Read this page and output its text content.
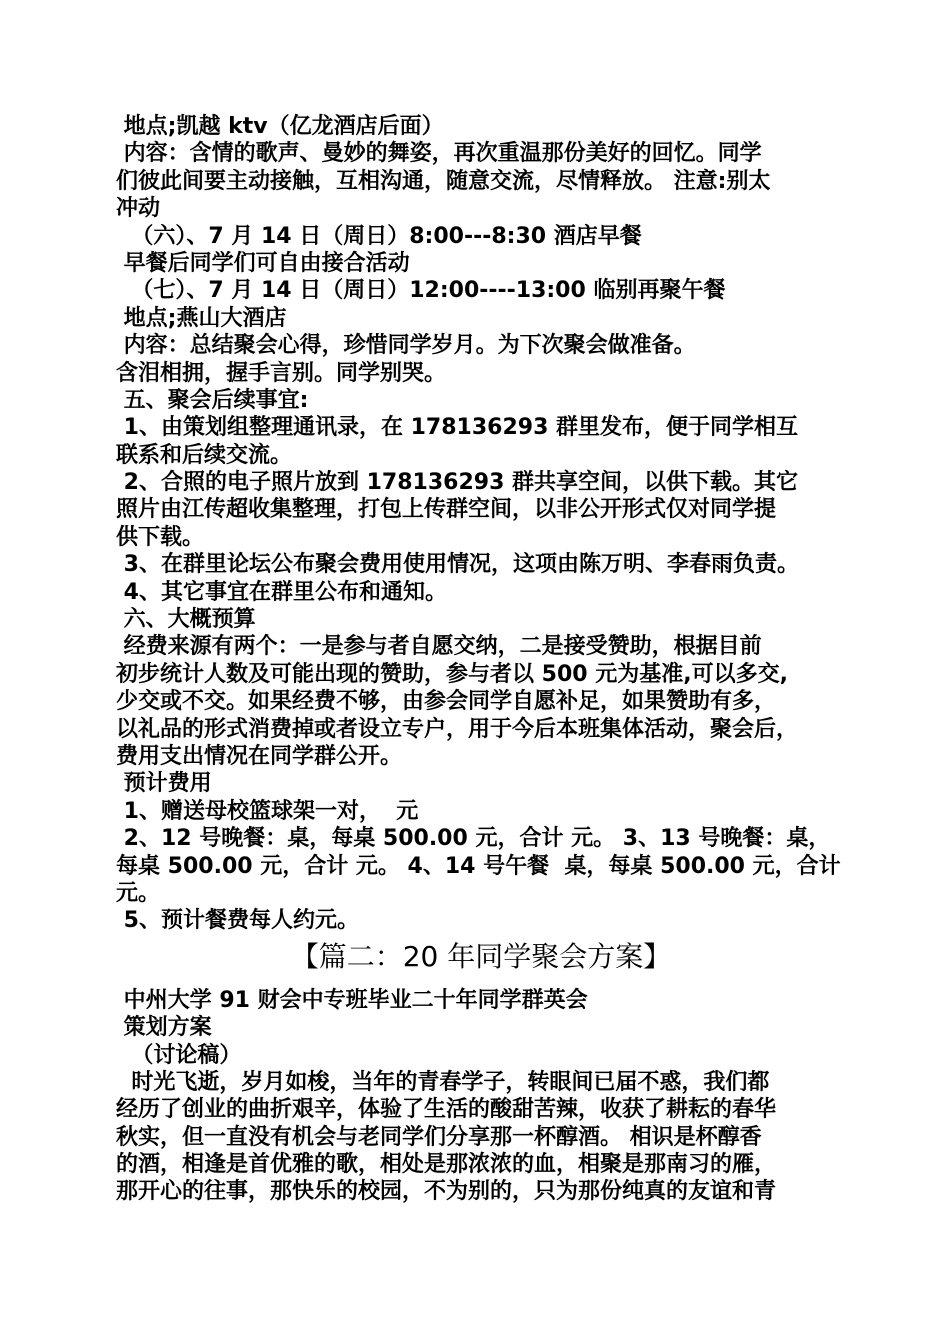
地点;凯越 ktv（亿龙酒店后面）
内容：含情的歌声、曼妙的舞姿，再次重温那份美好的回忆。同学
们彼此间要主动接触，互相沟通，随意交流，尽情释放。 注意:别太
冲动
（六）、7 月 14 日（周日）8:00---8:30 酒店早餐
早餐后同学们可自由接合活动
（七）、7 月 14 日（周日）12:00----13:00 临别再聚午餐
地点;燕山大酒店
内容：总结聚会心得，珍惜同学岁月。为下次聚会做准备。
含泪相拥，握手言别。同学别哭。
五、聚会后续事宜:
1、由策划组整理通讯录，在 178136293 群里发布，便于同学相互
联系和后续交流。
2、合照的电子照片放到 178136293 群共享空间，以供下载。其它
照片由江传超收集整理，打包上传群空间，以非公开形式仅对同学提
供下载。
3、在群里论坛公布聚会费用使用情况，这项由陈万明、李春雨负责。
4、其它事宜在群里公布和通知。
六、大概预算
经费来源有两个：一是参与者自愿交纳，二是接受赞助，根据目前
初步统计人数及可能出现的赞助，参与者以 500 元为基准,可以多交,
少交或不交。如果经费不够，由参会同学自愿补足，如果赞助有多，
以礼品的形式消费掉或者设立专户，用于今后本班集体活动，聚会后，
费用支出情况在同学群公开。
预计费用
1、赠送母校篮球架一对，  元
2、12 号晚餐：桌，每桌 500.00 元，合计 元。 3、13 号晚餐：桌，
每桌 500.00 元，合计 元。 4、14 号午餐  桌，每桌 500.00 元，合计
元。
5、预计餐费每人约元。
【篇二：20 年同学聚会方案】
中州大学 91 财会中专班毕业二十年同学群英会
策划方案
（讨论稿）
时光飞逝，岁月如梭，当年的青春学子，转眼间已届不惑，我们都
经历了创业的曲折艰辛，体验了生活的酸甜苦辣，收获了耕耘的春华
秋实，但一直没有机会与老同学们分享那一杯醇酒。 相识是杯醇香
的酒，相逢是首优雅的歌，相处是那浓浓的血，相聚是那南习的雁，
那开心的往事，那快乐的校园，不为别的，只为那份纯真的友谊和青
